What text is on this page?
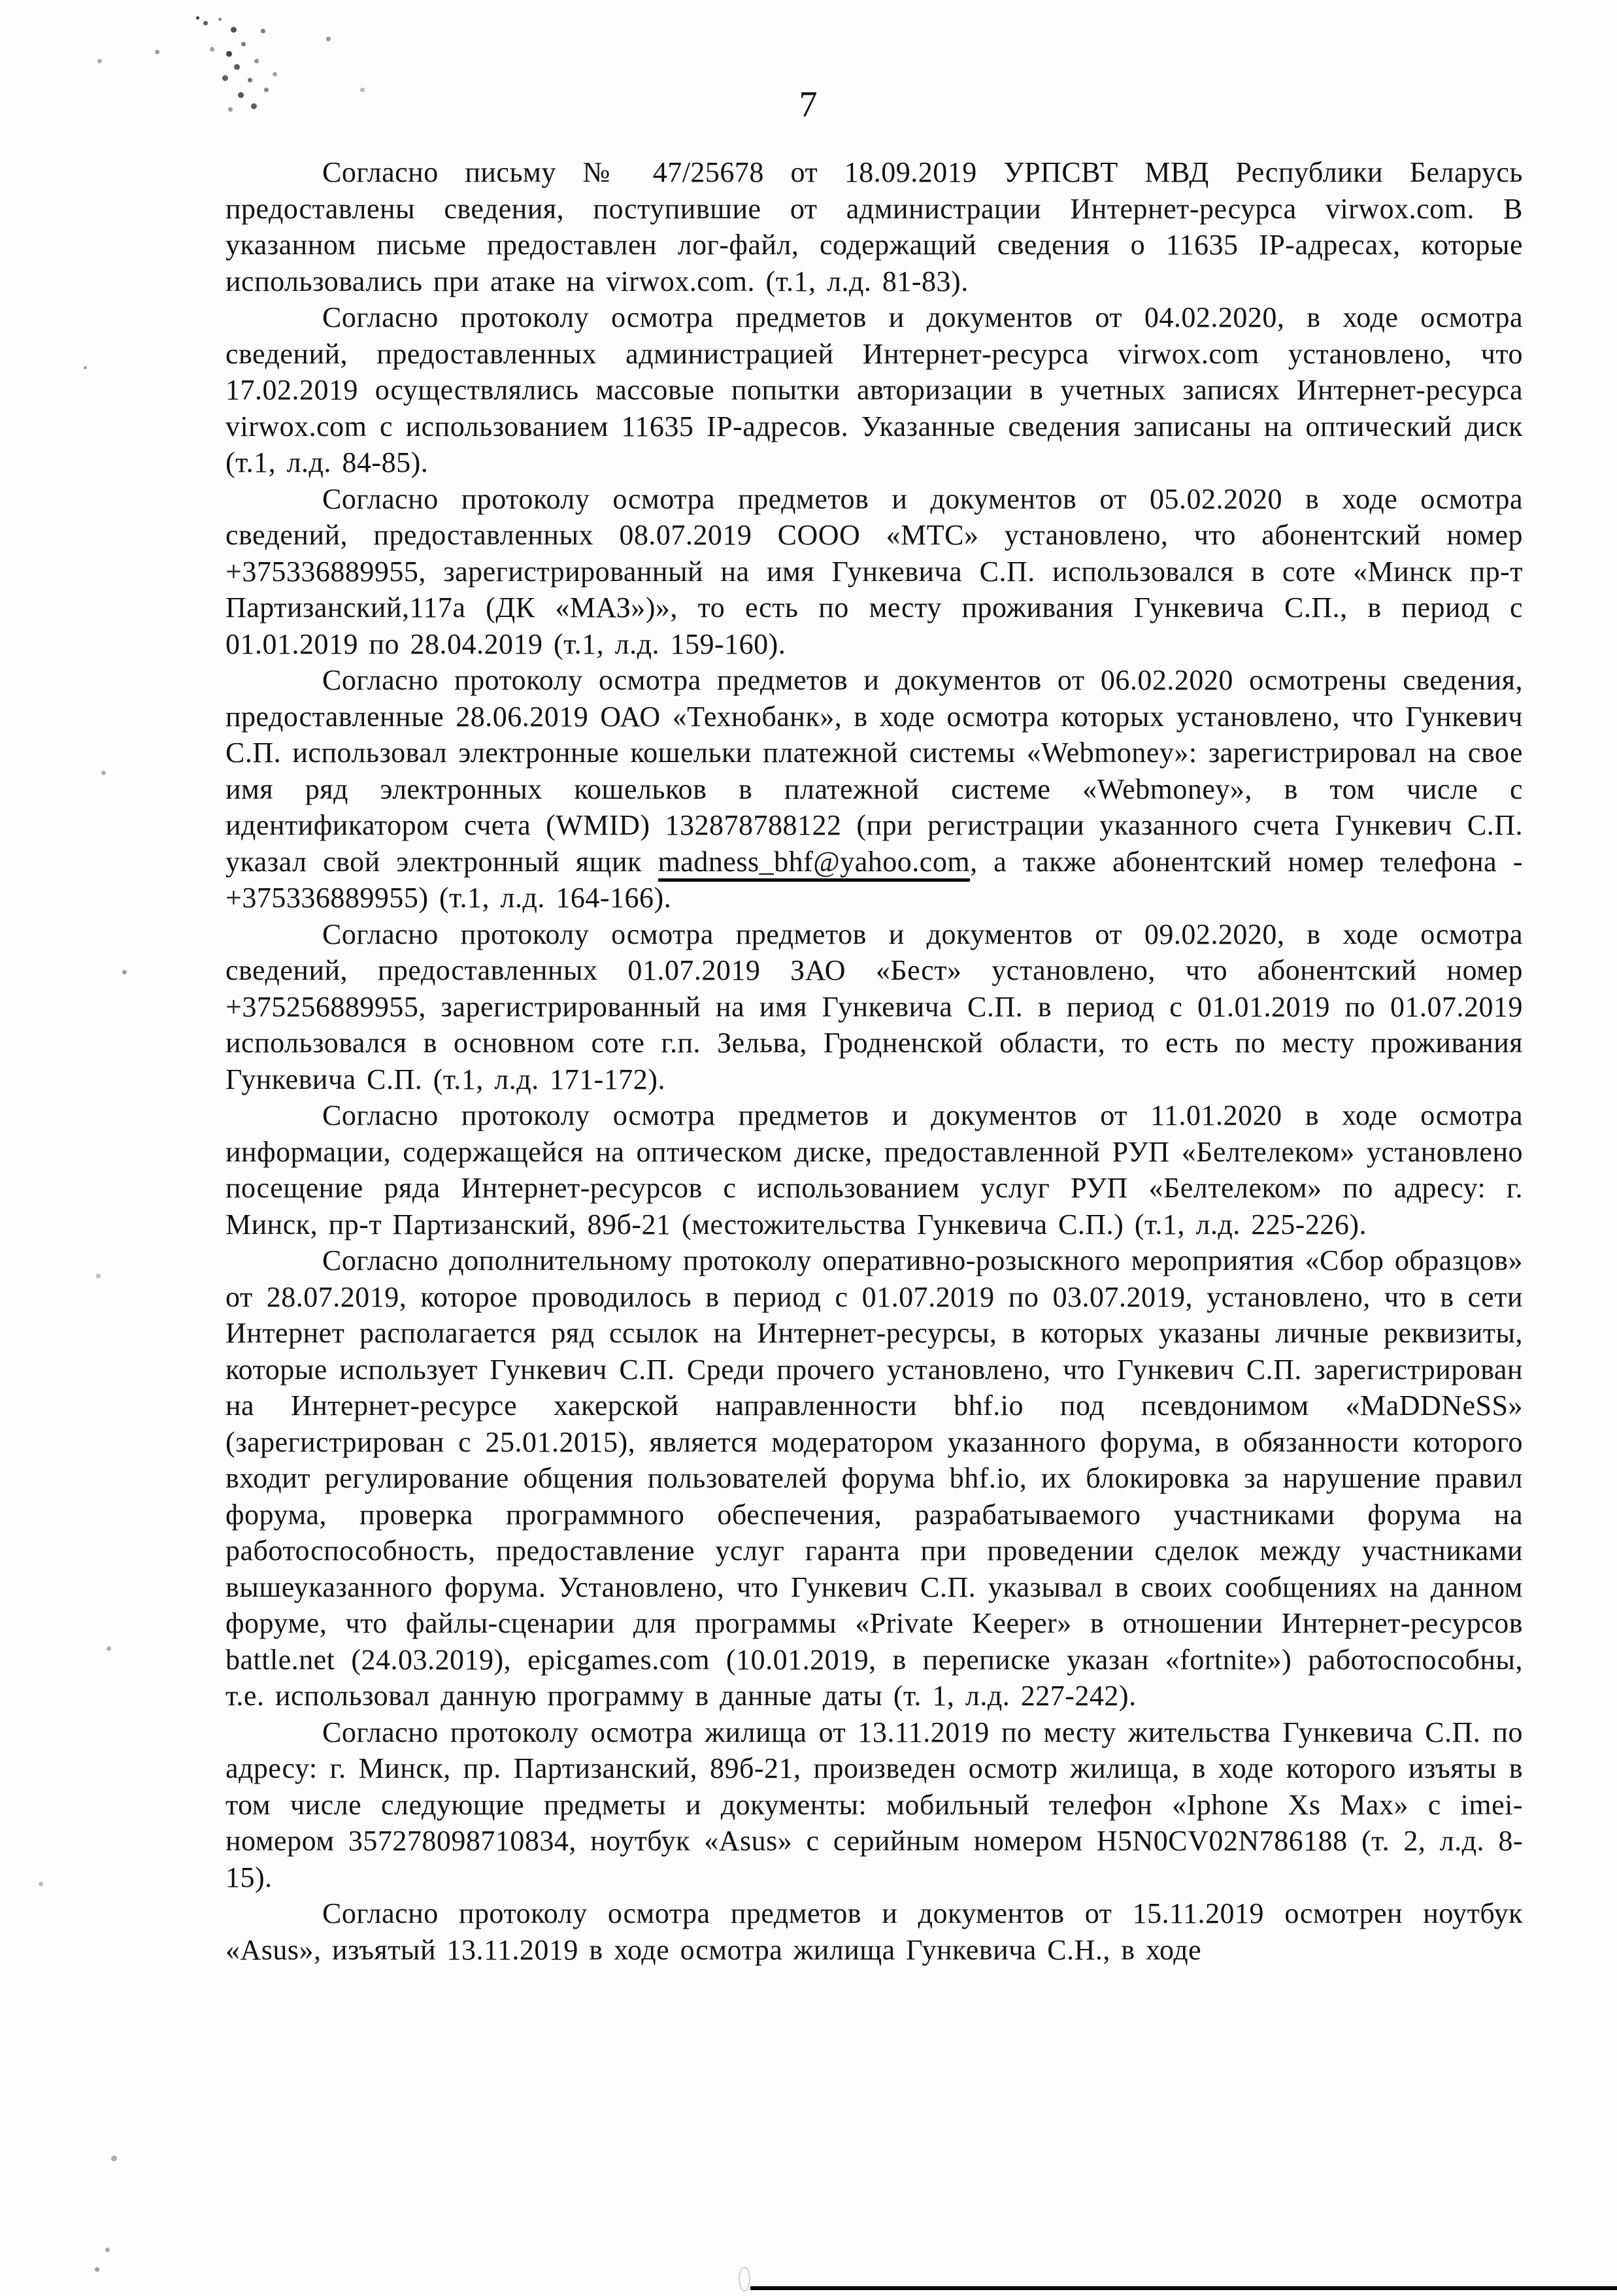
7

Согласно письму № 47/25678 от 18.09.2019 УРПСВТ МВД Республики Беларусь предоставлены сведения, поступившие от администрации Интернет-ресурса virwox.com. В указанном письме предоставлен лог-файл, содержащий сведения о 11635 IP-адресах, которые использовались при атаке на virwox.com. (т.1, л.д. 81-83).

Согласно протоколу осмотра предметов и документов от 04.02.2020, в ходе осмотра сведений, предоставленных администрацией Интернет-ресурса virwox.com установлено, что 17.02.2019 осуществлялись массовые попытки авторизации в учетных записях Интернет-ресурса virwox.com с использованием 11635 IP-адресов. Указанные сведения записаны на оптический диск (т.1, л.д. 84-85).

Согласно протоколу осмотра предметов и документов от 05.02.2020 в ходе осмотра сведений, предоставленных 08.07.2019 СООО «МТС» установлено, что абонентский номер +375336889955, зарегистрированный на имя Гункевича С.П. использовался в соте «Минск пр-т Партизанский,117а (ДК «МАЗ»)», то есть по месту проживания Гункевича С.П., в период с 01.01.2019 по 28.04.2019 (т.1, л.д. 159-160).

Согласно протоколу осмотра предметов и документов от 06.02.2020 осмотрены сведения, предоставленные 28.06.2019 ОАО «Технобанк», в ходе осмотра которых установлено, что Гункевич С.П. использовал электронные кошельки платежной системы «Webmoney»: зарегистрировал на свое имя ряд электронных кошельков в платежной системе «Webmoney», в том числе с идентификатором счета (WMID) 132878788122 (при регистрации указанного счета Гункевич С.П. указал свой электронный ящик madness_bhf@yahoo.com, а также абонентский номер телефона - +375336889955) (т.1, л.д. 164-166).

Согласно протоколу осмотра предметов и документов от 09.02.2020, в ходе осмотра сведений, предоставленных 01.07.2019 ЗАО «Бест» установлено, что абонентский номер +375256889955, зарегистрированный на имя Гункевича С.П. в период с 01.01.2019 по 01.07.2019 использовался в основном соте г.п. Зельва, Гродненской области, то есть по месту проживания Гункевича С.П. (т.1, л.д. 171-172).

Согласно протоколу осмотра предметов и документов от 11.01.2020 в ходе осмотра информации, содержащейся на оптическом диске, предоставленной РУП «Белтелеком» установлено посещение ряда Интернет-ресурсов с использованием услуг РУП «Белтелеком» по адресу: г. Минск, пр-т Партизанский, 89б-21 (местожительства Гункевича С.П.) (т.1, л.д. 225-226).

Согласно дополнительному протоколу оперативно-розыскного мероприятия «Сбор образцов» от 28.07.2019, которое проводилось в период с 01.07.2019 по 03.07.2019, установлено, что в сети Интернет располагается ряд ссылок на Интернет-ресурсы, в которых указаны личные реквизиты, которые использует Гункевич С.П. Среди прочего установлено, что Гункевич С.П. зарегистрирован на Интернет-ресурсе хакерской направленности bhf.io под псевдонимом «MaDDNeSS» (зарегистрирован с 25.01.2015), является модератором указанного форума, в обязанности которого входит регулирование общения пользователей форума bhf.io, их блокировка за нарушение правил форума, проверка программного обеспечения, разрабатываемого участниками форума на работоспособность, предоставление услуг гаранта при проведении сделок между участниками вышеуказанного форума. Установлено, что Гункевич С.П. указывал в своих сообщениях на данном форуме, что файлы-сценарии для программы «Private Keeper» в отношении Интернет-ресурсов battle.net (24.03.2019), epicgames.com (10.01.2019, в переписке указан «fortnite») работоспособны, т.е. использовал данную программу в данные даты (т. 1, л.д. 227-242).

Согласно протоколу осмотра жилища от 13.11.2019 по месту жительства Гункевича С.П. по адресу: г. Минск, пр. Партизанский, 89б-21, произведен осмотр жилища, в ходе которого изъяты в том числе следующие предметы и документы: мобильный телефон «Iphone Xs Max» с imei-номером 357278098710834, ноутбук «Asus» с серийным номером H5N0CV02N786188 (т. 2, л.д. 8-15).

Согласно протоколу осмотра предметов и документов от 15.11.2019 осмотрен ноутбук «Asus», изъятый 13.11.2019 в ходе осмотра жилища Гункевича С.Н., в ходе
